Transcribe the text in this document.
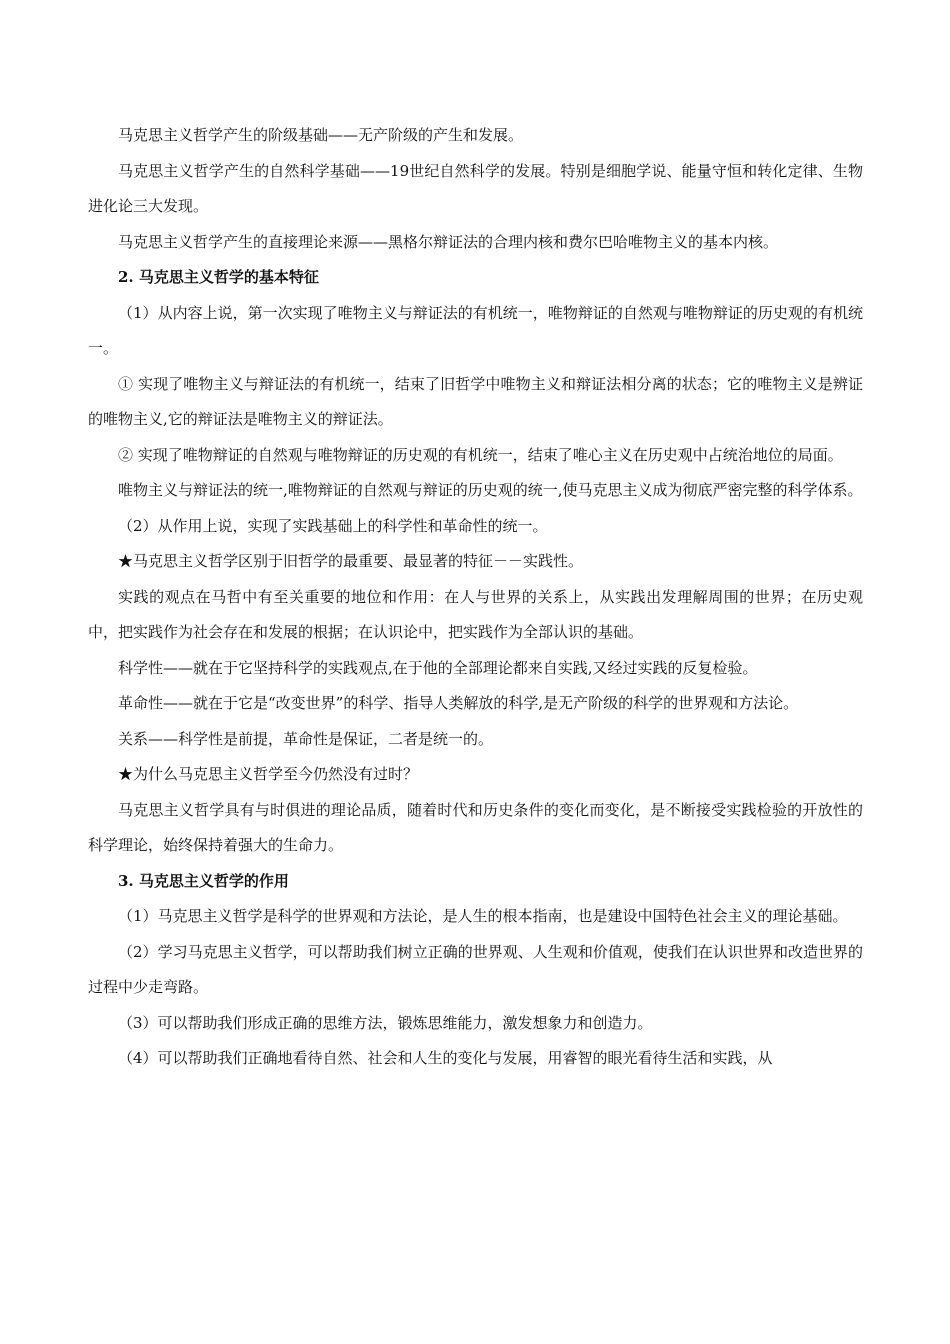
马克思主义哲学产生的阶级基础——无产阶级的产生和发展。

马克思主义哲学产生的自然科学基础——19世纪自然科学的发展。特别是细胞学说、能量守恒和转化定律、生物进化论三大发现。

马克思主义哲学产生的直接理论来源——黑格尔辩证法的合理内核和费尔巴哈唯物主义的基本内核。

2. 马克思主义哲学的基本特征

（1）从内容上说，第一次实现了唯物主义与辩证法的有机统一，唯物辩证的自然观与唯物辩证的历史观的有机统一。

① 实现了唯物主义与辩证法的有机统一，结束了旧哲学中唯物主义和辩证法相分离的状态；它的唯物主义是辨证的唯物主义,它的辩证法是唯物主义的辩证法。

② 实现了唯物辩证的自然观与唯物辩证的历史观的有机统一，结束了唯心主义在历史观中占统治地位的局面。

唯物主义与辩证法的统一,唯物辩证的自然观与辩证的历史观的统一,使马克思主义成为彻底严密完整的科学体系。

（2）从作用上说，实现了实践基础上的科学性和革命性的统一。

★马克思主义哲学区别于旧哲学的最重要、最显著的特征－－实践性。

实践的观点在马哲中有至关重要的地位和作用：在人与世界的关系上，从实践出发理解周围的世界；在历史观中，把实践作为社会存在和发展的根据；在认识论中，把实践作为全部认识的基础。

科学性——就在于它坚持科学的实践观点,在于他的全部理论都来自实践,又经过实践的反复检验。

革命性——就在于它是“改变世界”的科学、指导人类解放的科学,是无产阶级的科学的世界观和方法论。

关系——科学性是前提，革命性是保证，二者是统一的。

★为什么马克思主义哲学至今仍然没有过时？

马克思主义哲学具有与时俱进的理论品质，随着时代和历史条件的变化而变化，是不断接受实践检验的开放性的科学理论，始终保持着强大的生命力。

3. 马克思主义哲学的作用

（1）马克思主义哲学是科学的世界观和方法论，是人生的根本指南，也是建设中国特色社会主义的理论基础。

（2）学习马克思主义哲学，可以帮助我们树立正确的世界观、人生观和价值观，使我们在认识世界和改造世界的过程中少走弯路。

（3）可以帮助我们形成正确的思维方法，锻炼思维能力，激发想象力和创造力。

（4）可以帮助我们正确地看待自然、社会和人生的变化与发展，用睿智的眼光看待生活和实践，从
